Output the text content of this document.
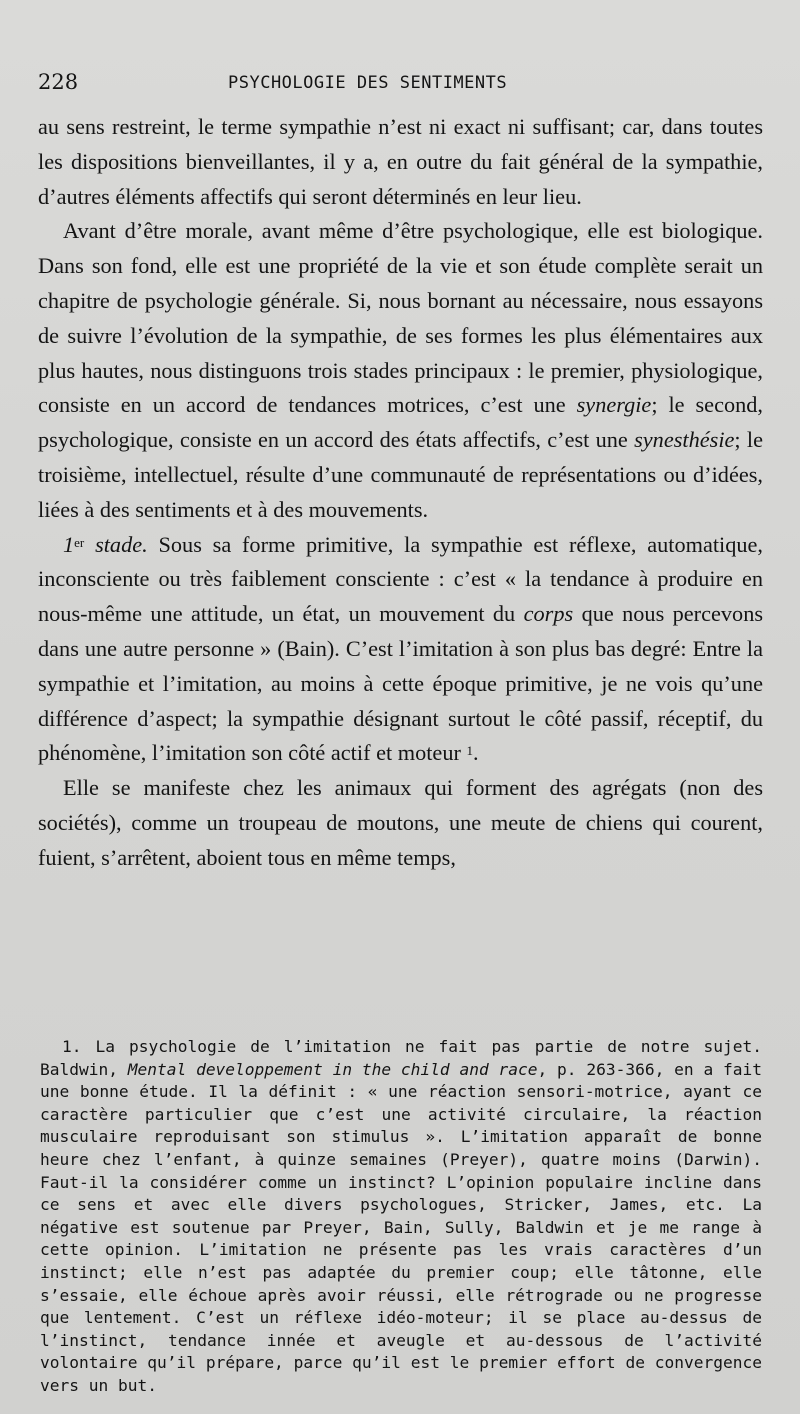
228	PSYCHOLOGIE DES SENTIMENTS

au sens restreint, le terme sympathie n’est ni exact ni suffisant; car, dans toutes les dispositions bienveillantes, il y a, en outre du fait général de la sympathie, d’autres éléments affectifs qui seront déterminés en leur lieu.

Avant d’être morale, avant même d’être psychologique, elle est biologique. Dans son fond, elle est une propriété de la vie et son étude complète serait un chapitre de psychologie générale. Si, nous bornant au nécessaire, nous essayons de suivre l’évolution de la sympathie, de ses formes les plus élémentaires aux plus hautes, nous distinguons trois stades principaux : le premier, physiologique, consiste en un accord de tendances motrices, c’est une synergie; le second, psychologique, consiste en un accord des états affectifs, c’est une synesthésie; le troisième, intellectuel, résulte d’une communauté de représentations ou d’idées, liées à des sentiments et à des mouvements.

1er stade. Sous sa forme primitive, la sympathie est réflexe, automatique, inconsciente ou très faiblement consciente : c’est « la tendance à produire en nous-même une attitude, un état, un mouvement du corps que nous percevons dans une autre personne » (Bain). C’est l’imitation à son plus bas degré: Entre la sympathie et l’imitation, au moins à cette époque primitive, je ne vois qu’une différence d’aspect; la sympathie désignant surtout le côté passif, réceptif, du phénomène, l’imitation son côté actif et moteur $^1$.

Elle se manifeste chez les animaux qui forment des agrégats (non des sociétés), comme un troupeau de moutons, une meute de chiens qui courent, fuient, s’arrêtent, aboient tous en même temps,

1. La psychologie de l’imitation ne fait pas partie de notre sujet. Baldwin, Mental developpement in the child and race, p. 263-366, en a fait une bonne étude. Il la définit : « une réaction sensori-motrice, ayant ce caractère particulier que c’est une activité circulaire, la réaction musculaire reproduisant son stimulus ». L’imitation apparaît de bonne heure chez l’enfant, à quinze semaines (Preyer), quatre moins (Darwin). Faut-il la considérer comme un instinct? L’opinion populaire incline dans ce sens et avec elle divers psychologues, Stricker, James, etc. La négative est soutenue par Preyer, Bain, Sully, Baldwin et je me range à cette opinion. L’imitation ne présente pas les vrais caractères d’un instinct; elle n’est pas adaptée du premier coup; elle tâtonne, elle s’essaie, elle échoue après avoir réussi, elle rétrograde ou ne progresse que lentement. C’est un réflexe idéo-moteur; il se place au-dessus de l’instinct, tendance innée et aveugle et au-dessous de l’activité volontaire qu’il prépare, parce qu’il est le premier effort de convergence vers un but.
